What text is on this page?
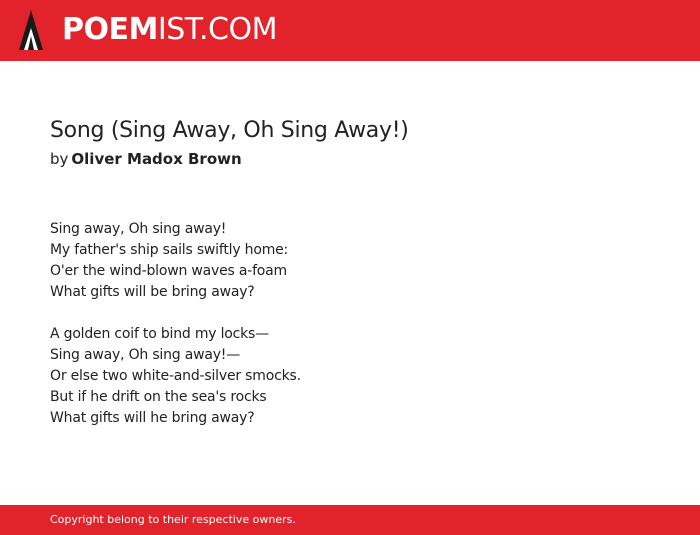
POEMIST.COM
Song (Sing Away, Oh Sing Away!)
by Oliver Madox Brown
Sing away, Oh sing away!
My father's ship sails swiftly home:
O'er the wind-blown waves a-foam
What gifts will be bring away?
A golden coif to bind my locks—
Sing away, Oh sing away!—
Or else two white-and-silver smocks.
But if he drift on the sea's rocks
What gifts will he bring away?
Copyright belong to their respective owners.
